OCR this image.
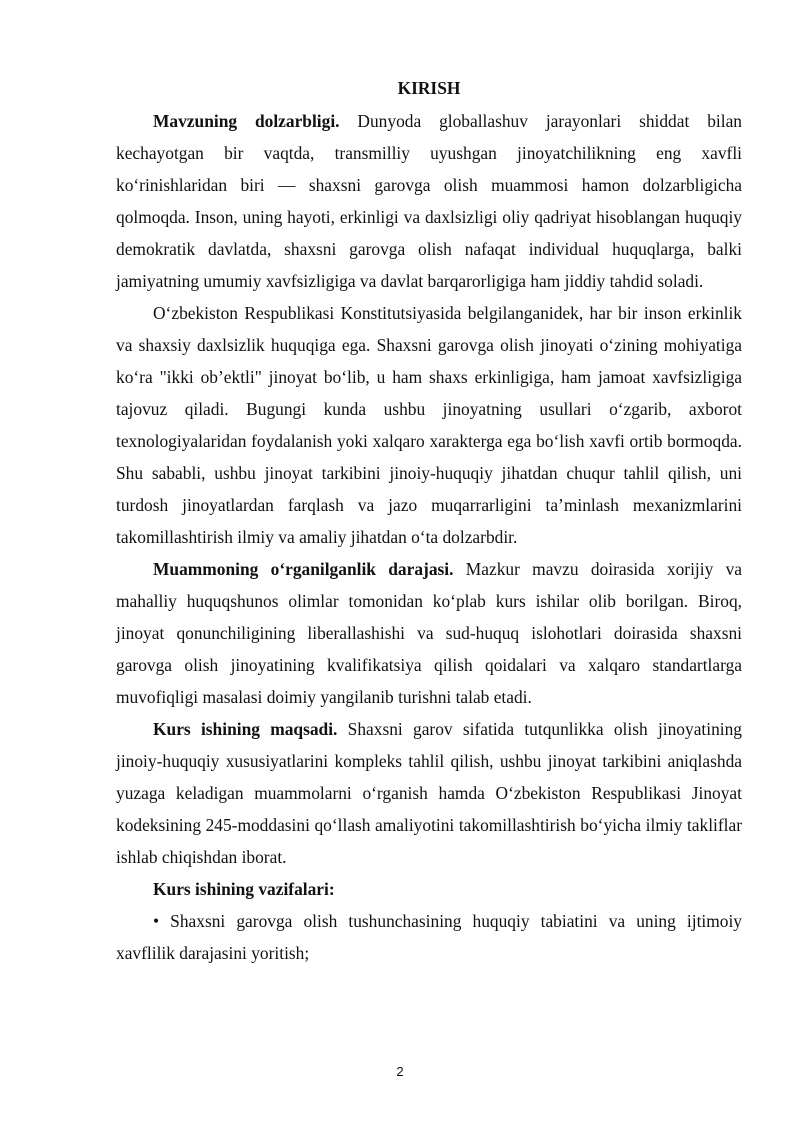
KIRISH

Mavzuning dolzarbligi. Dunyoda globallashuv jarayonlari shiddat bilan kechayotgan bir vaqtda, transmilliy uyushgan jinoyatchilikning eng xavfli koʻrinishlaridan biri — shaxsni garovga olish muammosi hamon dolzarbligicha qolmoqda. Inson, uning hayoti, erkinligi va daxlsizligi oliy qadriyat hisoblangan huquqiy demokratik davlatda, shaxsni garovga olish nafaqat individual huquqlarga, balki jamiyatning umumiy xavfsizligiga va davlat barqarorligiga ham jiddiy tahdid soladi.

Oʻzbekiston Respublikasi Konstitutsiyasida belgilanganidek, har bir inson erkinlik va shaxsiy daxlsizlik huquqiga ega. Shaxsni garovga olish jinoyati oʻzining mohiyatiga koʻra "ikki obʼektli" jinoyat boʻlib, u ham shaxs erkinligiga, ham jamoat xavfsizligiga tajovuz qiladi. Bugungi kunda ushbu jinoyatning usullari oʻzgarib, axborot texnologiyalaridan foydalanish yoki xalqaro xarakterga ega boʻlish xavfi ortib bormoqda. Shu sababli, ushbu jinoyat tarkibini jinoiy-huquqiy jihatdan chuqur tahlil qilish, uni turdosh jinoyatlardan farqlash va jazo muqarrarligini taʼminlash mexanizmlarini takomillashtirish ilmiy va amaliy jihatdan oʻta dolzarbdir.

Muammoning oʻrganilganlik darajasi. Mazkur mavzu doirasida xorijiy va mahalliy huquqshunos olimlar tomonidan koʻplab kurs ishilar olib borilgan. Biroq, jinoyat qonunchiligining liberallashishi va sud-huquq islohotlari doirasida shaxsni garovga olish jinoyatining kvalifikatsiya qilish qoidalari va xalqaro standartlarga muvofiqligi masalasi doimiy yangilanib turishni talab etadi.

Kurs ishining maqsadi. Shaxsni garov sifatida tutqunlikka olish jinoyatining jinoiy-huquqiy xususiyatlarini kompleks tahlil qilish, ushbu jinoyat tarkibini aniqlashda yuzaga keladigan muammolarni oʻrganish hamda Oʻzbekiston Respublikasi Jinoyat kodeksining 245-moddasini qoʻllash amaliyotini takomillashtirish boʻyicha ilmiy takliflar ishlab chiqishdan iborat.

Kurs ishining vazifalari:

• Shaxsni garovga olish tushunchasining huquqiy tabiatini va uning ijtimoiy xavflilik darajasini yoritish;

2
